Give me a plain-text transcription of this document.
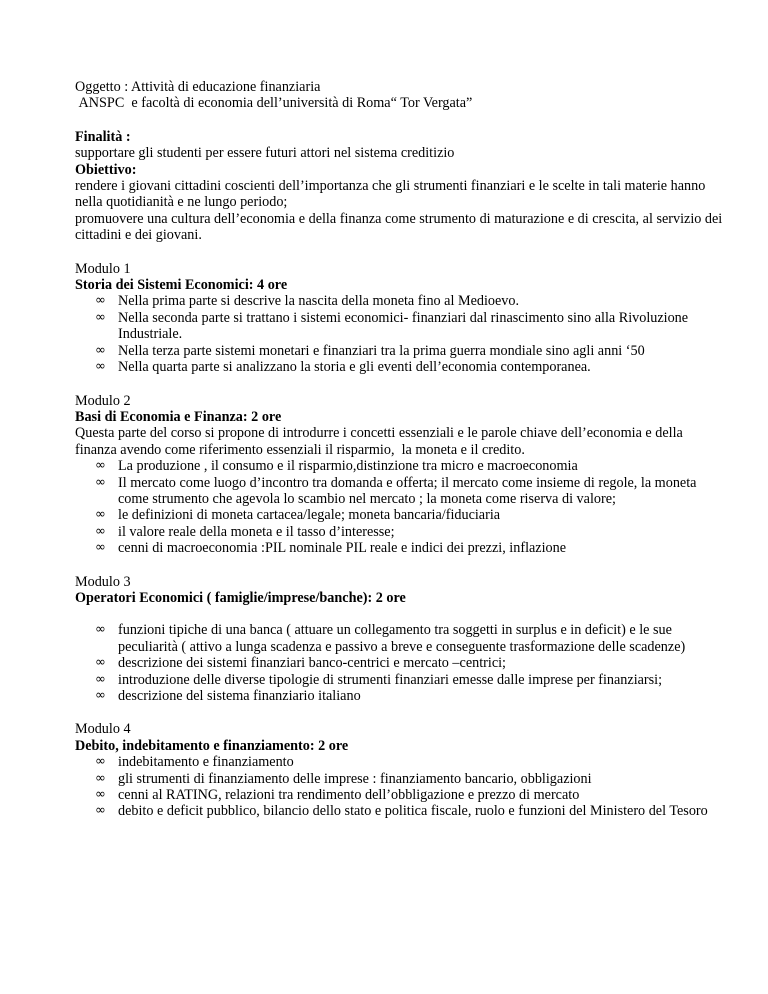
Oggetto : Attività di educazione finanziaria
ANSPC  e facoltà di economia dell’università di Roma“ Tor Vergata”
Finalità :
supportare gli studenti per essere futuri attori nel sistema creditizio
Obiettivo:
rendere i giovani cittadini coscienti dell’importanza che gli strumenti finanziari e le scelte in tali materie hanno nella quotidianità e ne lungo periodo;
promuovere una cultura dell’economia e della finanza come strumento di maturazione e di crescita, al servizio dei cittadini e dei giovani.
Modulo 1
Storia dei Sistemi Economici: 4 ore
∞ Nella prima parte si descrive la nascita della moneta fino al Medioevo.
∞ Nella seconda parte si trattano i sistemi economici- finanziari dal rinascimento sino alla Rivoluzione Industriale.
∞ Nella terza parte sistemi monetari e finanziari tra la prima guerra mondiale sino agli anni ‘50
∞ Nella quarta parte si analizzano la storia e gli eventi dell’economia contemporanea.
Modulo 2
Basi di Economia e Finanza: 2 ore
Questa parte del corso si propone di introdurre i concetti essenziali e le parole chiave dell’economia e della finanza avendo come riferimento essenziali il risparmio,  la moneta e il credito.
∞ La produzione , il consumo e il risparmio,distinzione tra micro e macroeconomia
∞ Il mercato come luogo d’incontro tra domanda e offerta; il mercato come insieme di regole, la moneta come strumento che agevola lo scambio nel mercato ; la moneta come riserva di valore;
∞ le definizioni di moneta cartacea/legale; moneta bancaria/fiduciaria
∞ il valore reale della moneta e il tasso d’interesse;
∞ cenni di macroeconomia :PIL nominale PIL reale e indici dei prezzi, inflazione
Modulo 3
Operatori Economici ( famiglie/imprese/banche): 2 ore
∞ funzioni tipiche di una banca ( attuare un collegamento tra soggetti in surplus e in deficit) e le sue peculiarità ( attivo a lunga scadenza e passivo a breve e conseguente trasformazione delle scadenze)
∞ descrizione dei sistemi finanziari banco-centrici e mercato –centrici;
∞ introduzione delle diverse tipologie di strumenti finanziari emesse dalle imprese per finanziarsi;
∞ descrizione del sistema finanziario italiano
Modulo 4
Debito, indebitamento e finanziamento: 2 ore
∞ indebitamento e finanziamento
∞ gli strumenti di finanziamento delle imprese : finanziamento bancario, obbligazioni
∞ cenni al RATING, relazioni tra rendimento dell’obbligazione e prezzo di mercato
∞ debito e deficit pubblico, bilancio dello stato e politica fiscale, ruolo e funzioni del Ministero del Tesoro
